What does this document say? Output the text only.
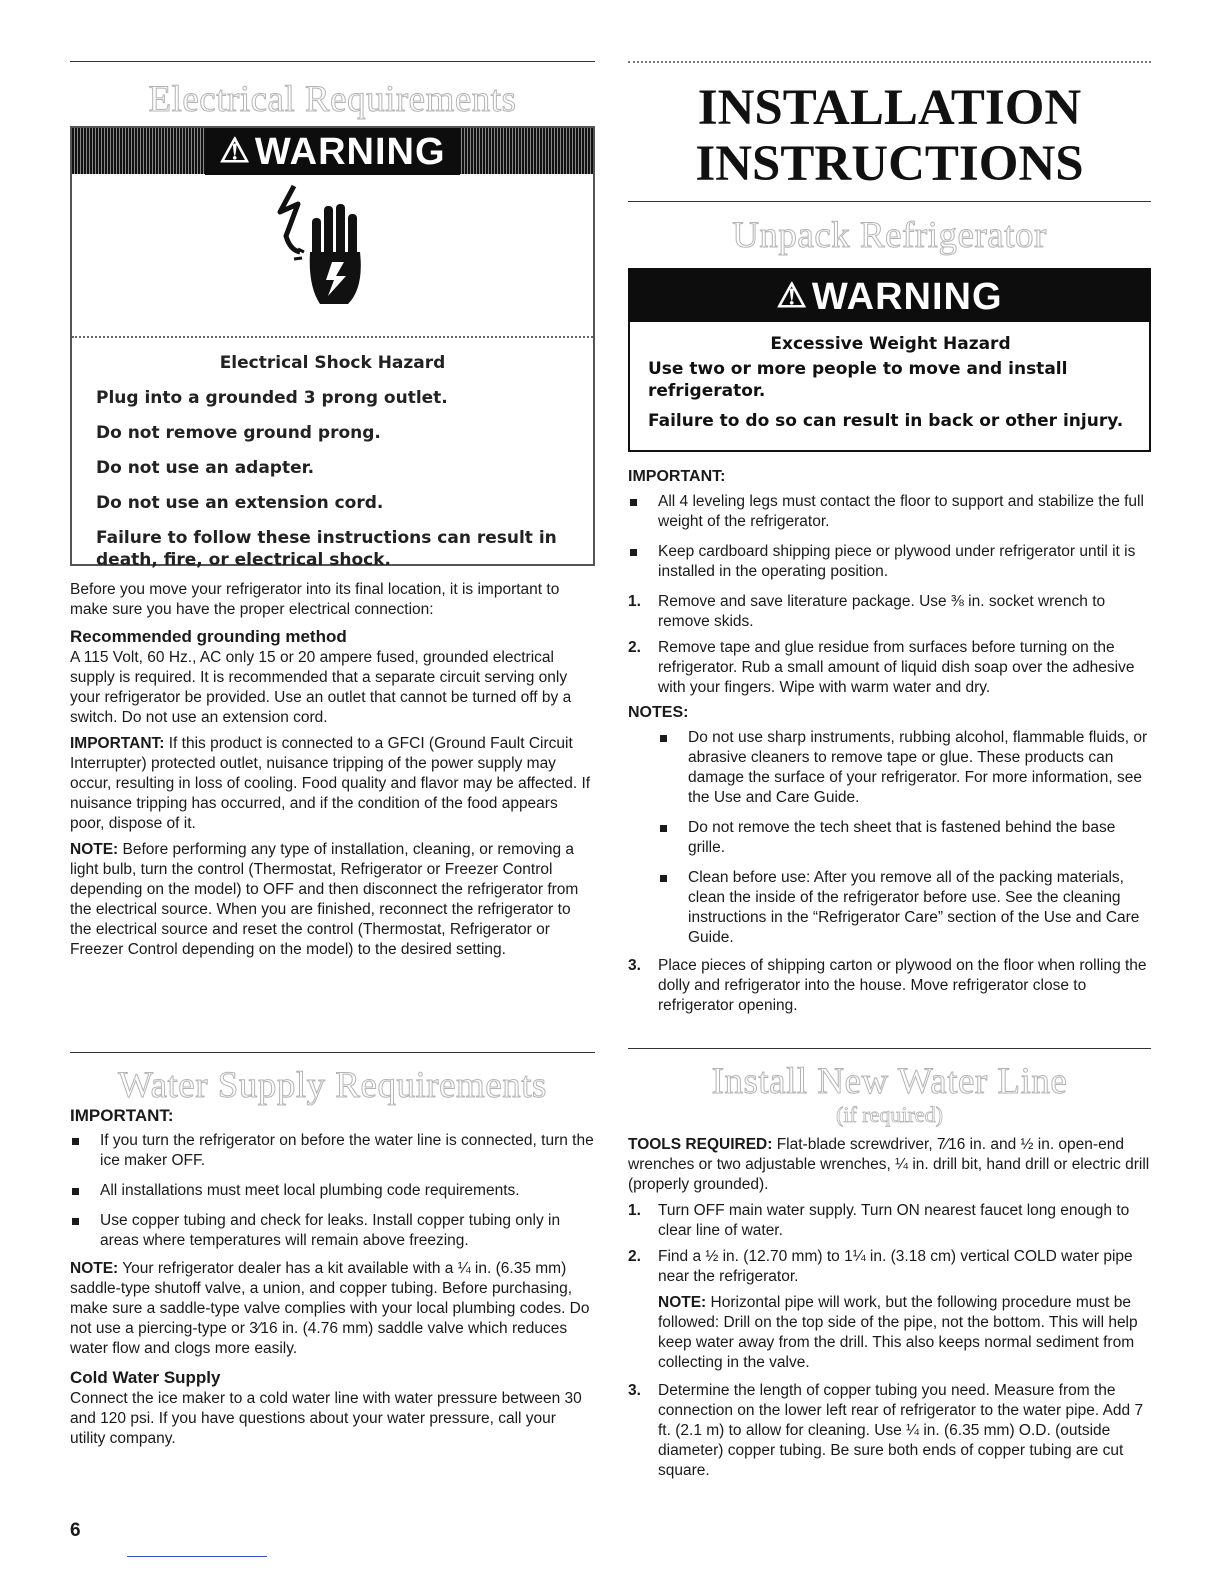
Electrical Requirements
⚠ WARNING

Electrical Shock Hazard

Plug into a grounded 3 prong outlet.

Do not remove ground prong.

Do not use an adapter.

Do not use an extension cord.

Failure to follow these instructions can result in death, fire, or electrical shock.

Before you move your refrigerator into its final location, it is important to make sure you have the proper electrical connection:

Recommended grounding method

A 115 Volt, 60 Hz., AC only 15 or 20 ampere fused, grounded electrical supply is required. It is recommended that a separate circuit serving only your refrigerator be provided. Use an outlet that cannot be turned off by a switch. Do not use an extension cord.

IMPORTANT: If this product is connected to a GFCI (Ground Fault Circuit Interrupter) protected outlet, nuisance tripping of the power supply may occur, resulting in loss of cooling. Food quality and flavor may be affected. If nuisance tripping has occurred, and if the condition of the food appears poor, dispose of it.

NOTE: Before performing any type of installation, cleaning, or removing a light bulb, turn the control (Thermostat, Refrigerator or Freezer Control depending on the model) to OFF and then disconnect the refrigerator from the electrical source. When you are finished, reconnect the refrigerator to the electrical source and reset the control (Thermostat, Refrigerator or Freezer Control depending on the model) to the desired setting.

Water Supply Requirements

IMPORTANT:

If you turn the refrigerator on before the water line is connected, turn the ice maker OFF.

All installations must meet local plumbing code requirements.

Use copper tubing and check for leaks. Install copper tubing only in areas where temperatures will remain above freezing.

NOTE: Your refrigerator dealer has a kit available with a ¼ in. (6.35 mm) saddle-type shutoff valve, a union, and copper tubing. Before purchasing, make sure a saddle-type valve complies with your local plumbing codes. Do not use a piercing-type or 3⁄16 in. (4.76 mm) saddle valve which reduces water flow and clogs more easily.

Cold Water Supply

Connect the ice maker to a cold water line with water pressure between 30 and 120 psi. If you have questions about your water pressure, call your utility company.

6
INSTALLATION
INSTRUCTIONS
Unpack Refrigerator
⚠ WARNING
Excessive Weight Hazard
Use two or more people to move and install refrigerator.
Failure to do so can result in back or other injury.

IMPORTANT:

All 4 leveling legs must contact the floor to support and stabilize the full weight of the refrigerator.

Keep cardboard shipping piece or plywood under refrigerator until it is installed in the operating position.

1. Remove and save literature package. Use ⅜ in. socket wrench to remove skids.

2. Remove tape and glue residue from surfaces before turning on the refrigerator. Rub a small amount of liquid dish soap over the adhesive with your fingers. Wipe with warm water and dry.

NOTES:

Do not use sharp instruments, rubbing alcohol, flammable fluids, or abrasive cleaners to remove tape or glue. These products can damage the surface of your refrigerator. For more information, see the Use and Care Guide.

Do not remove the tech sheet that is fastened behind the base grille.

Clean before use: After you remove all of the packing materials, clean the inside of the refrigerator before use. See the cleaning instructions in the “Refrigerator Care” section of the Use and Care Guide.

3. Place pieces of shipping carton or plywood on the floor when rolling the dolly and refrigerator into the house. Move refrigerator close to refrigerator opening.

Install New Water Line
(if required)

TOOLS REQUIRED: Flat-blade screwdriver, 7⁄16 in. and ½ in. open-end wrenches or two adjustable wrenches, ¼ in. drill bit, hand drill or electric drill (properly grounded).

1. Turn OFF main water supply. Turn ON nearest faucet long enough to clear line of water.

2. Find a ½ in. (12.70 mm) to 1¼ in. (3.18 cm) vertical COLD water pipe near the refrigerator.

NOTE: Horizontal pipe will work, but the following procedure must be followed: Drill on the top side of the pipe, not the bottom. This will help keep water away from the drill. This also keeps normal sediment from collecting in the valve.

3. Determine the length of copper tubing you need. Measure from the connection on the lower left rear of refrigerator to the water pipe. Add 7 ft. (2.1 m) to allow for cleaning. Use ¼ in. (6.35 mm) O.D. (outside diameter) copper tubing. Be sure both ends of copper tubing are cut square.
